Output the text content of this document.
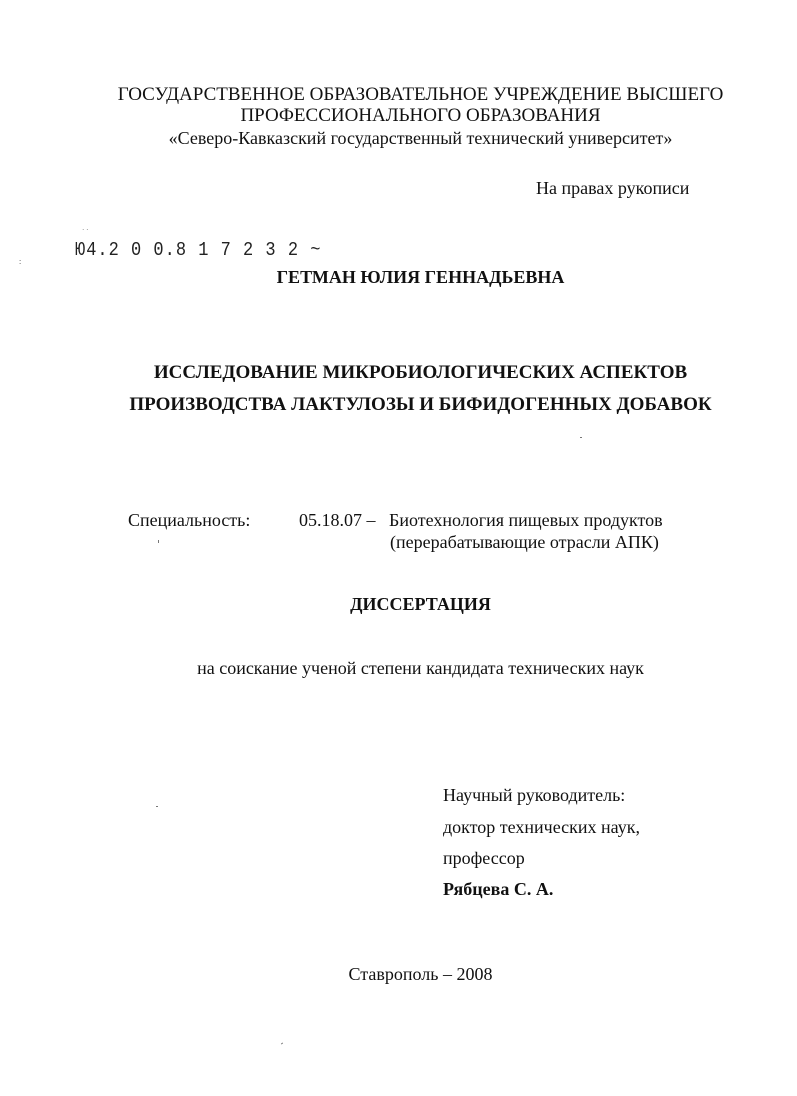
ГОСУДАРСТВЕННОЕ ОБРАЗОВАТЕЛЬНОЕ УЧРЕЖДЕНИЕ ВЫСШЕГО
ПРОФЕССИОНАЛЬНОГО ОБРАЗОВАНИЯ
«Северо-Кавказский государственный технический университет»
На правах рукописи
Ю4.2 0 0.8 1 7 2 3 2 ~
:
· ·
ГЕТМАН ЮЛИЯ ГЕННАДЬЕВНА
ИССЛЕДОВАНИЕ МИКРОБИОЛОГИЧЕСКИХ АСПЕКТОВ
ПРОИЗВОДСТВА ЛАКТУЛОЗЫ И БИФИДОГЕННЫХ ДОБАВОК
Специальность:	05.18.07 – Биотехнология пищевых продуктов
(перерабатывающие отрасли АПК)
ДИССЕРТАЦИЯ
на соискание ученой степени кандидата технических наук
Научный руководитель:
доктор технических наук,
профессор
Рябцева С. А.
Ставрополь – 2008
